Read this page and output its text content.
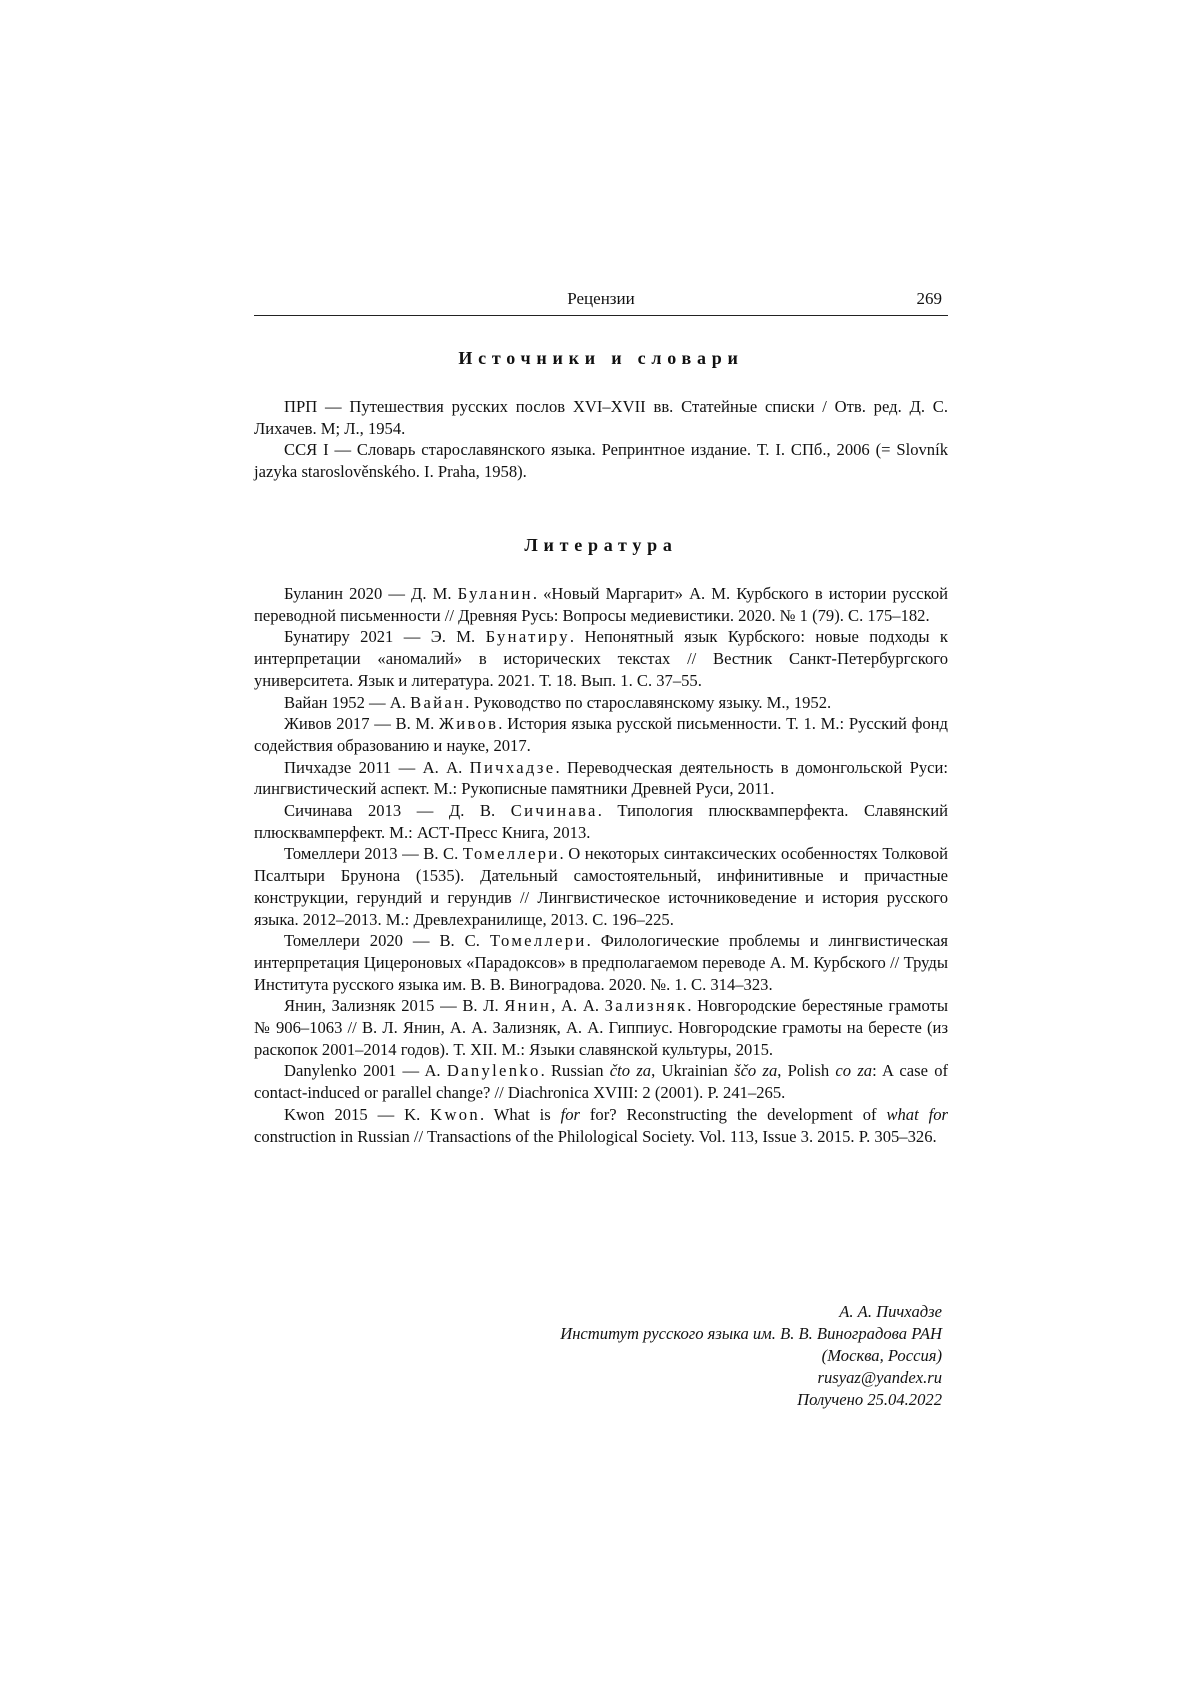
Рецензии	269
Источники и словари

ПРП — Путешествия русских послов XVI–XVII вв. Статейные списки / Отв. ред. Д. С. Лихачев. М; Л., 1954.

ССЯ I — Словарь старославянского языка. Репринтное издание. Т. I. СПб., 2006 (= Slovník jazyka staroslověnského. I. Praha, 1958).

Литература

Буланин 2020 — Д. М. Буланин. «Новый Маргарит» А. М. Курбского в истории русской переводной письменности // Древняя Русь: Вопросы медиевистики. 2020. № 1 (79). С. 175–182.

Бунатиру 2021 — Э. М. Бунатиру. Непонятный язык Курбского: новые подходы к интерпретации «аномалий» в исторических текстах // Вестник Санкт-Петербургского университета. Язык и литература. 2021. Т. 18. Вып. 1. С. 37–55.

Вайан 1952 — А. Вайан. Руководство по старославянскому языку. М., 1952.

Живов 2017 — В. М. Живов. История языка русской письменности. Т. 1. М.: Русский фонд содействия образованию и науке, 2017.

Пичхадзе 2011 — А. А. Пичхадзе. Переводческая деятельность в домонгольской Руси: лингвистический аспект. М.: Рукописные памятники Древней Руси, 2011.

Сичинава 2013 — Д. В. Сичинава. Типология плюсквамперфекта. Славянский плюсквамперфект. М.: АСТ-Пресс Книга, 2013.

Томеллери 2013 — В. С. Томеллери. О некоторых синтаксических особенностях Толковой Псалтыри Брунона (1535). Дательный самостоятельный, инфинитивные и причастные конструкции, герундий и герундив // Лингвистическое источниковедение и история русского языка. 2012–2013. М.: Древлехранилище, 2013. С. 196–225.

Томеллери 2020 — В. С. Томеллери. Филологические проблемы и лингвистическая интерпретация Цицероновых «Парадоксов» в предполагаемом переводе А. М. Курбского // Труды Института русского языка им. В. В. Виноградова. 2020. №. 1. С. 314–323.

Янин, Зализняк 2015 — В. Л. Янин, А. А. Зализняк. Новгородские берестяные грамоты № 906–1063 // В. Л. Янин, А. А. Зализняк, А. А. Гиппиус. Новгородские грамоты на бересте (из раскопок 2001–2014 годов). Т. XII. М.: Языки славянской культуры, 2015.

Danylenko 2001 — A. Danylenko. Russian čto za, Ukrainian ščo za, Polish co za: A case of contact-induced or parallel change? // Diachronica XVIII: 2 (2001). P. 241–265.

Kwon 2015 — K. Kwon. What is for for? Reconstructing the development of what for construction in Russian // Transactions of the Philological Society. Vol. 113, Issue 3. 2015. P. 305–326.

А. А. Пичхадзе
Институт русского языка им. В. В. Виноградова РАН
(Москва, Россия)
rusyaz@yandex.ru
Получено 25.04.2022
